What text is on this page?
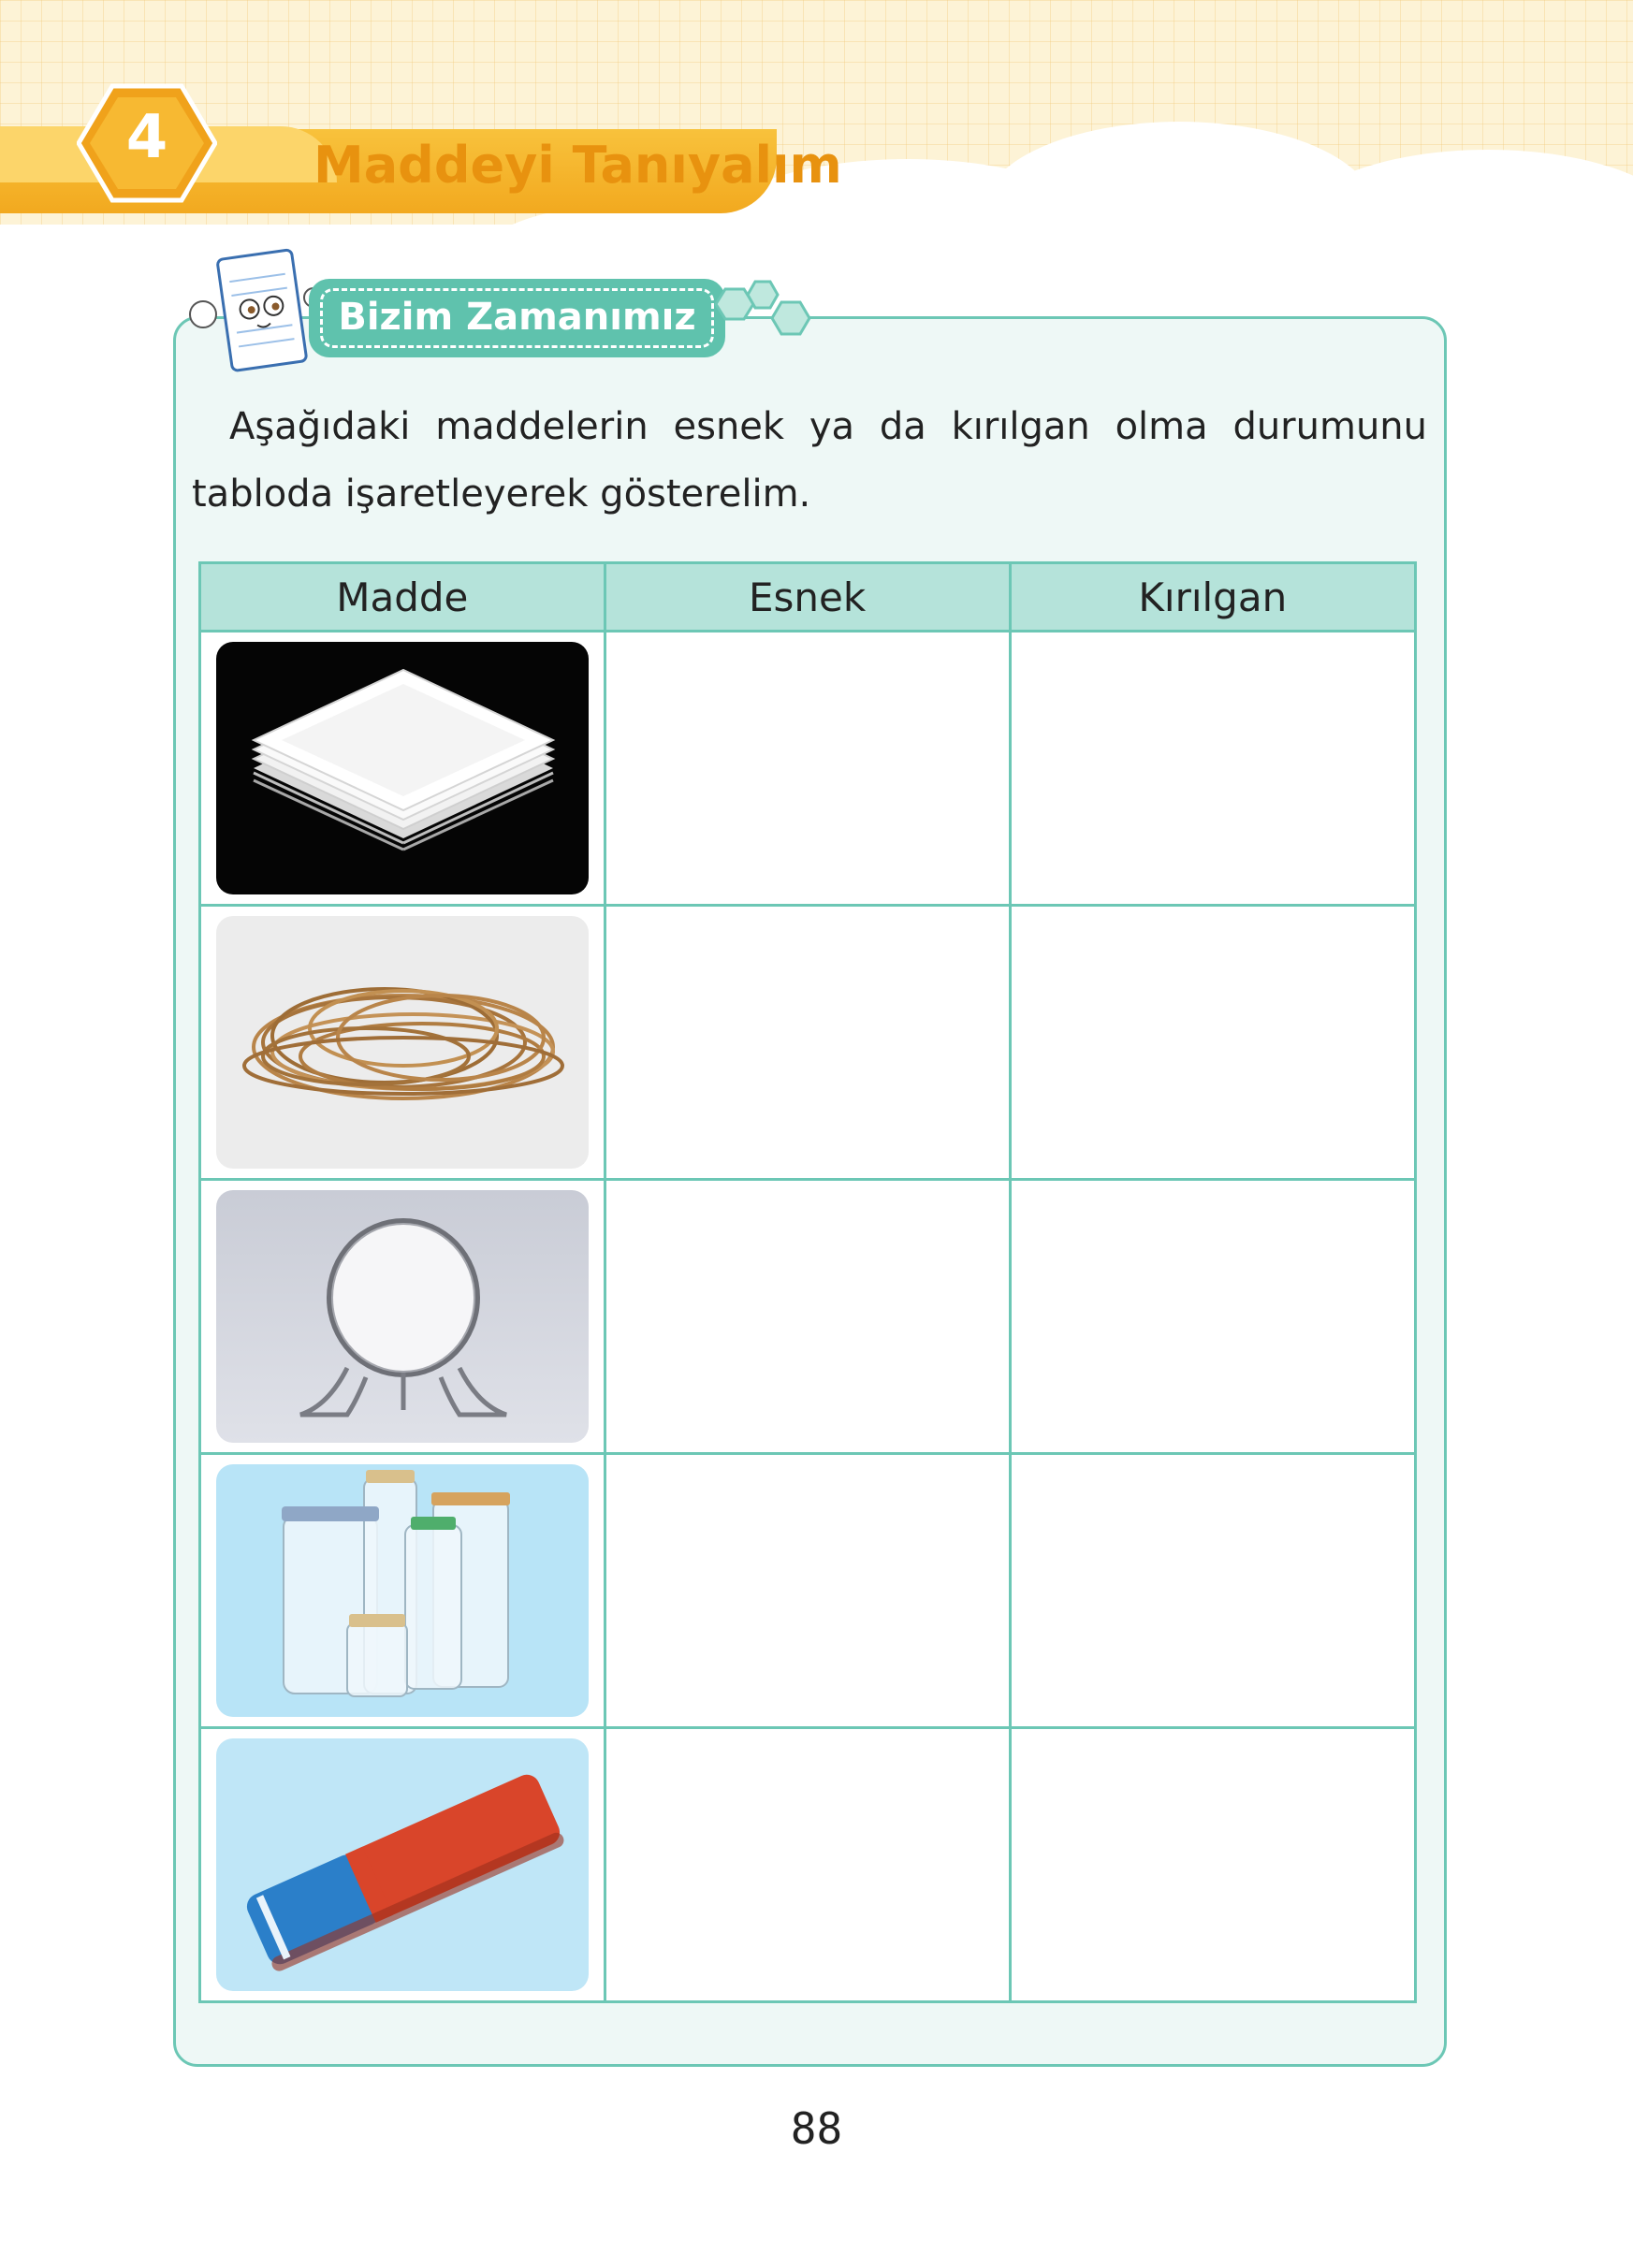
4	Maddeyi Tanıyalım
Bizim Zamanımız
Aşağıdaki maddelerin esnek ya da kırılgan olma durumunu tabloda işaretleyerek gösterelim.
Madde	Esnek	Kırılgan

88
